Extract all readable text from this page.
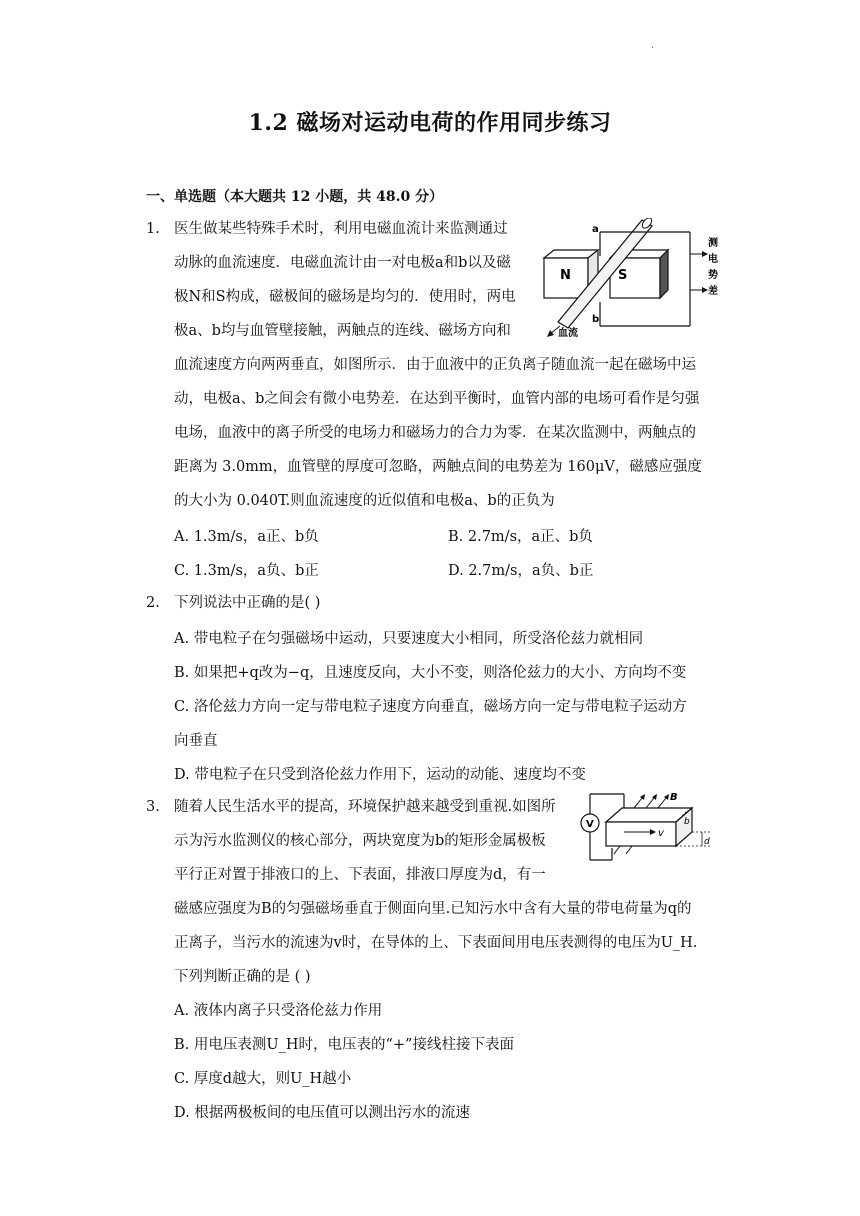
.
1.2 磁场对运动电荷的作用同步练习
一、单选题（本大题共 12 小题，共 48.0 分）
1. 医生做某些特殊手术时，利用电磁血流计来监测通过
动脉的血流速度．电磁血流计由一对电极a和b以及磁
极N和S构成，磁极间的磁场是均匀的．使用时，两电
极a、b均与血管壁接触，两触点的连线、磁场方向和
血流速度方向两两垂直，如图所示．由于血液中的正负离子随血流一起在磁场中运
动，电极a、b之间会有微小电势差．在达到平衡时，血管内部的电场可看作是匀强
电场，血液中的离子所受的电场力和磁场力的合力为零．在某次监测中，两触点的
距离为 3.0mm，血管壁的厚度可忽略，两触点间的电势差为 160μV，磁感应强度
的大小为 0.040T.则血流速度的近似值和电极a、b的正负为
A. 1.3m/s，a正、b负	B. 2.7m/s，a正、b负
C. 1.3m/s，a负、b正	D. 2.7m/s，a负、b正
N	S
a
b
测
电
势
差
血流
2. 下列说法中正确的是( )
A. 带电粒子在匀强磁场中运动，只要速度大小相同，所受洛伦兹力就相同
B. 如果把+q改为−q，且速度反向，大小不变，则洛伦兹力的大小、方向均不变
C. 洛伦兹力方向一定与带电粒子速度方向垂直，磁场方向一定与带电粒子运动方
向垂直
D. 带电粒子在只受到洛伦兹力作用下，运动的动能、速度均不变
3. 随着人民生活水平的提高，环境保护越来越受到重视.如图所
示为污水监测仪的核心部分，两块宽度为b的矩形金属极板
平行正对置于排液口的上、下表面，排液口厚度为d，有一
磁感应强度为B的匀强磁场垂直于侧面向里.已知污水中含有大量的带电荷量为q的
正离子，当污水的流速为v时，在导体的上、下表面间用电压表测得的电压为U_H.
下列判断正确的是 ( )
A. 液体内离子只受洛伦兹力作用
B. 用电压表测U_H时，电压表的“+”接线柱接下表面
C. 厚度d越大，则U_H越小
D. 根据两极板间的电压值可以测出污水的流速
V
v
B
b
d
